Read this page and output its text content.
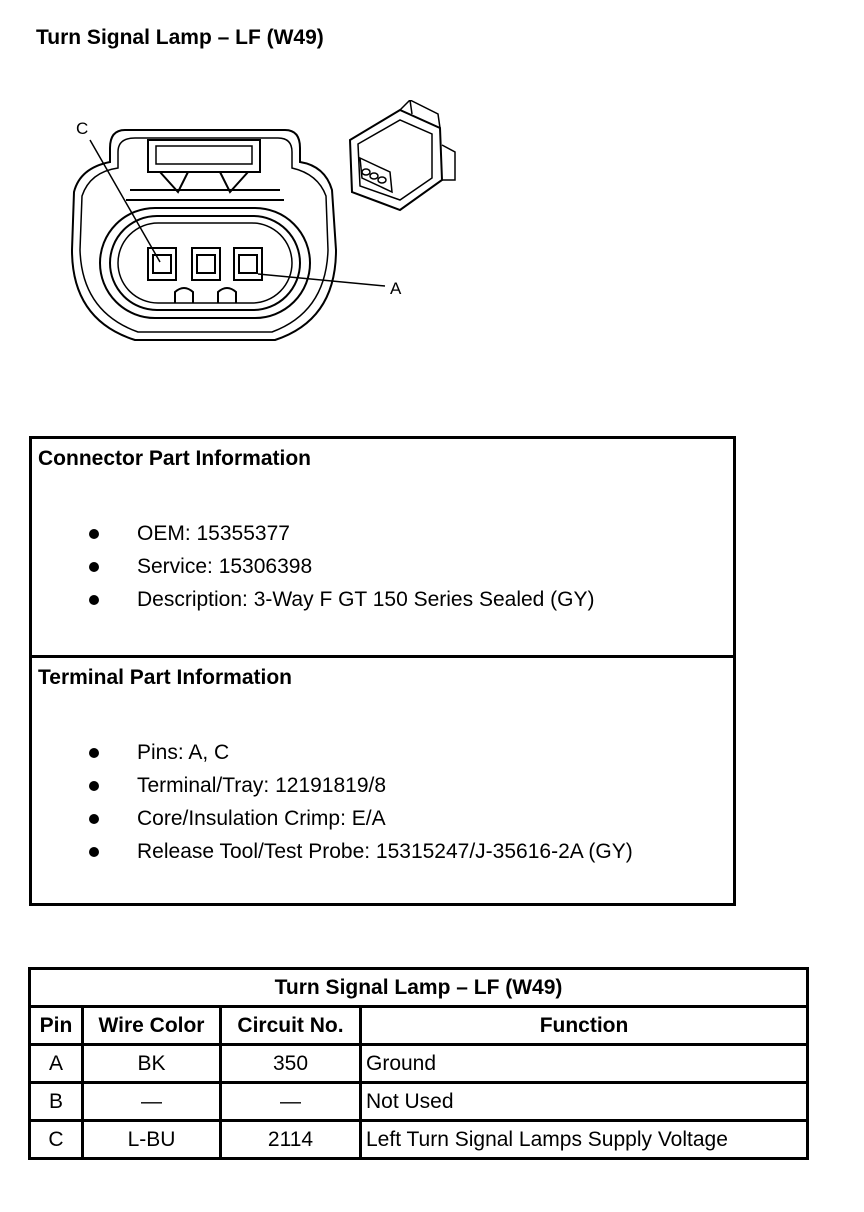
Turn Signal Lamp – LF (W49)
C
A
Connector Part Information
OEM: 15355377
Service: 15306398
Description: 3-Way F GT 150 Series Sealed (GY)
Terminal Part Information
Pins: A, C
Terminal/Tray: 12191819/8
Core/Insulation Crimp: E/A
Release Tool/Test Probe: 15315247/J-35616-2A (GY)
Turn Signal Lamp – LF (W49)			
Pin	Wire Color	Circuit No.	Function
A	BK	350	Ground
B	—	—	Not Used
C	L-BU	2114	Left Turn Signal Lamps Supply Voltage
